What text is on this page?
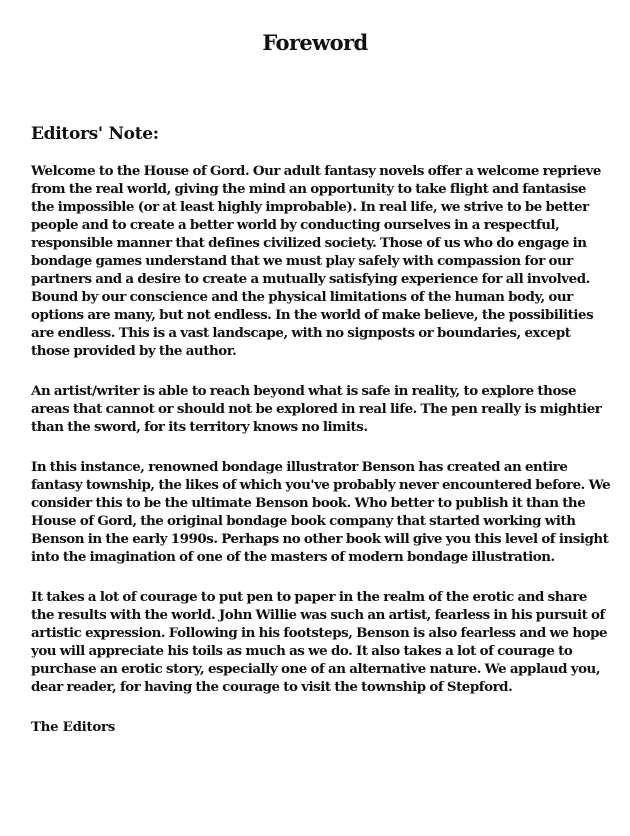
Foreword
Editors' Note:

Welcome to the House of Gord. Our adult fantasy novels offer a welcome reprieve from the real world, giving the mind an opportunity to take flight and fantasise the impossible (or at least highly improbable). In real life, we strive to be better people and to create a better world by conducting ourselves in a respectful, responsible manner that defines civilized society. Those of us who do engage in bondage games understand that we must play safely with compassion for our partners and a desire to create a mutually satisfying experience for all involved. Bound by our conscience and the physical limitations of the human body, our options are many, but not endless. In the world of make believe, the possibilities are endless. This is a vast landscape, with no signposts or boundaries, except those provided by the author.

An artist/writer is able to reach beyond what is safe in reality, to explore those areas that cannot or should not be explored in real life. The pen really is mightier than the sword, for its territory knows no limits.

In this instance, renowned bondage illustrator Benson has created an entire fantasy township, the likes of which you've probably never encountered before. We consider this to be the ultimate Benson book. Who better to publish it than the House of Gord, the original bondage book company that started working with Benson in the early 1990s. Perhaps no other book will give you this level of insight into the imagination of one of the masters of modern bondage illustration.

It takes a lot of courage to put pen to paper in the realm of the erotic and share the results with the world. John Willie was such an artist, fearless in his pursuit of artistic expression. Following in his footsteps, Benson is also fearless and we hope you will appreciate his toils as much as we do. It also takes a lot of courage to purchase an erotic story, especially one of an alternative nature. We applaud you, dear reader, for having the courage to visit the township of Stepford.

The Editors
